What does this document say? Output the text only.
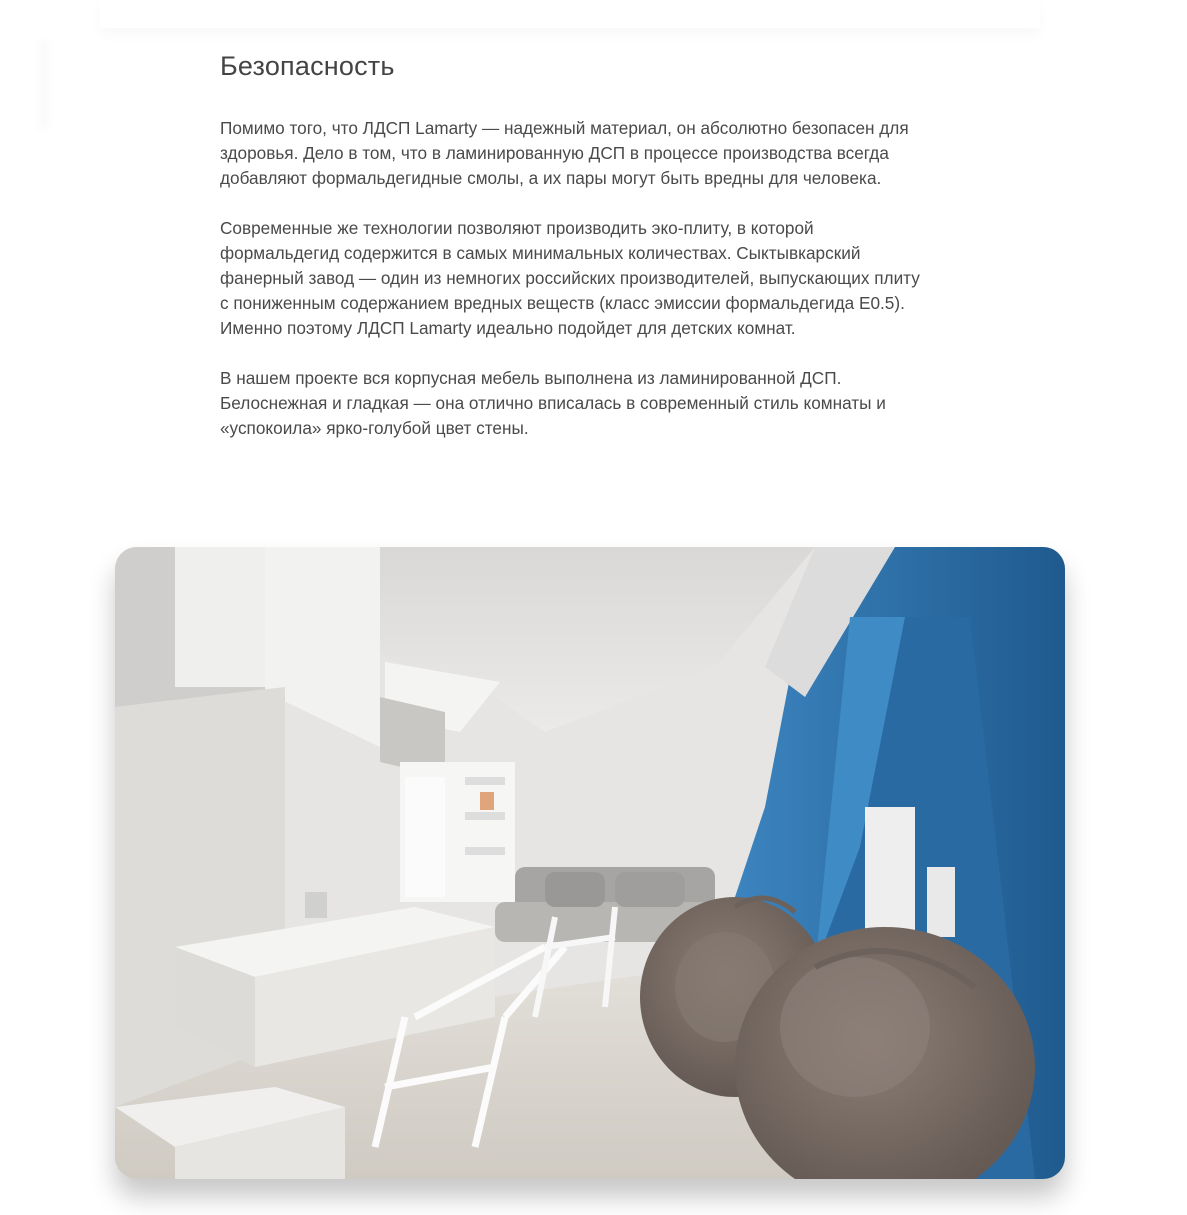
Безопасность

Помимо того, что ЛДСП Lamarty — надежный материал, он абсолютно безопасен для здоровья. Дело в том, что в ламинированную ДСП в процессе производства всегда добавляют формальдегидные смолы, а их пары могут быть вредны для человека.

Современные же технологии позволяют производить эко-плиту, в которой формальдегид содержится в самых минимальных количествах. Сыктывкарский фанерный завод — один из немногих российских производителей, выпускающих плиту с пониженным содержанием вредных веществ (класс эмиссии формальдегида Е0.5). Именно поэтому ЛДСП Lamarty идеально подойдет для детских комнат.

В нашем проекте вся корпусная мебель выполнена из ламинированной ДСП. Белоснежная и гладкая — она отлично вписалась в современный стиль комнаты и «успокоила» ярко-голубой цвет стены.
